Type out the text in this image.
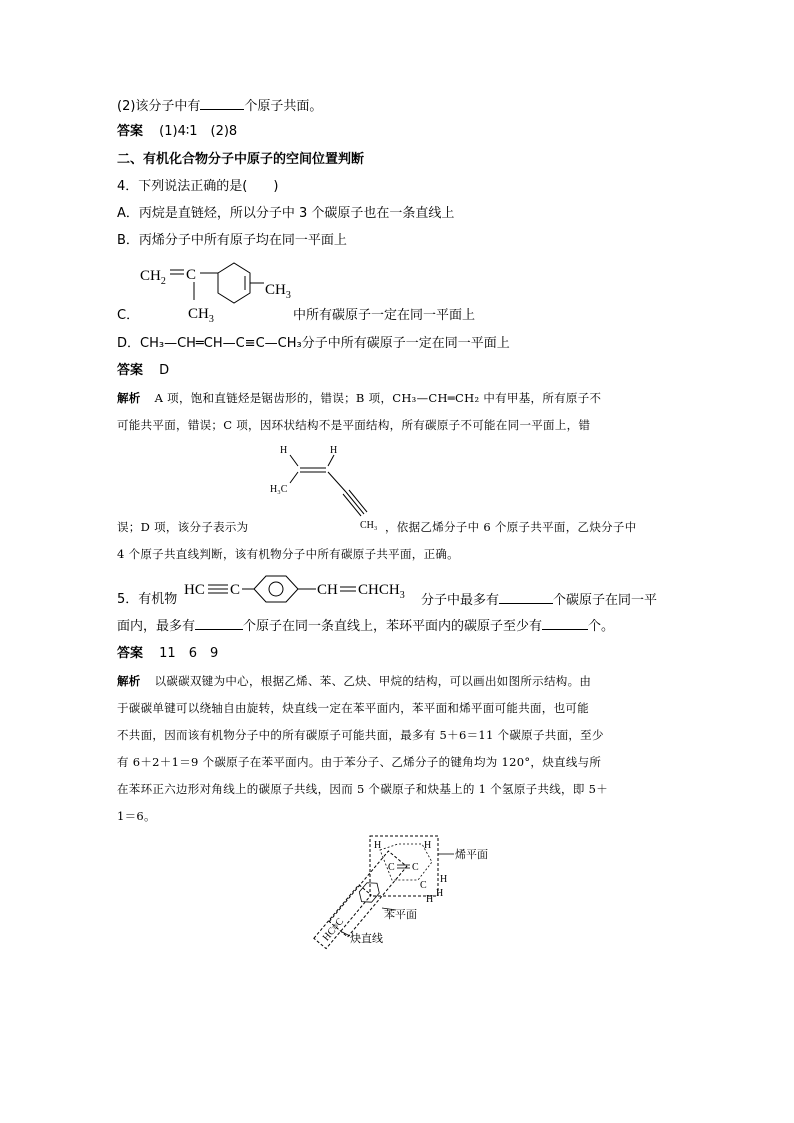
(2)该分子中有	个原子共面。
答案 (1)4∶1　(2)8
二、有机化合物分子中原子的空间位置判断
4．下列说法正确的是(　　)
A．丙烷是直链烃，所以分子中 3 个碳原子也在一条直线上
B．丙烯分子中所有原子均在同一平面上
$CH_2$ C
$CH_3$
$CH_3$
C．	中所有碳原子一定在同一平面上
D．CH₃—CH═CH—C≡C—CH₃分子中所有碳原子一定在同一平面上
答案 D
解析 A 项，饱和直链烃是锯齿形的，错误；B 项，CH₃—CH═CH₂ 中有甲基，所有原子不
可能共平面，错误；C 项，因环状结构不是平面结构，所有碳原子不可能在同一平面上，错
H	H
H₃C
CH₃
误；D 项，该分子表示为	，依据乙烯分子中 6 个原子共平面，乙炔分子中
4 个原子共直线判断，该有机物分子中所有碳原子共平面，正确。
5．有机物
HC C	CH $CHCH_3$ 分子中最多有	个碳原子在同一平
面内，最多有	个原子在同一条直线上，苯环平面内的碳原子至少有	个。
答案 11　6　9
解析 以碳碳双键为中心，根据乙烯、苯、乙炔、甲烷的结构，可以画出如图所示结构。由
于碳碳单键可以绕轴自由旋转，炔直线一定在苯平面内，苯平面和烯平面可能共面，也可能
不共面，因而该有机物分子中的所有碳原子可能共面，最多有 5＋6＝11 个碳原子共面，至少
有 6＋2＋1＝9 个碳原子在苯平面内。由于苯分子、乙烯分子的键角均为 120°，炔直线与所
在苯环正六边形对角线上的碳原子共线，因而 5 个碳原子和炔基上的 1 个氢原子共线，即 5＋
1＝6。
H	H
C C
C
H
H
H
烯平面
苯平面
HC≡C 炔直线
